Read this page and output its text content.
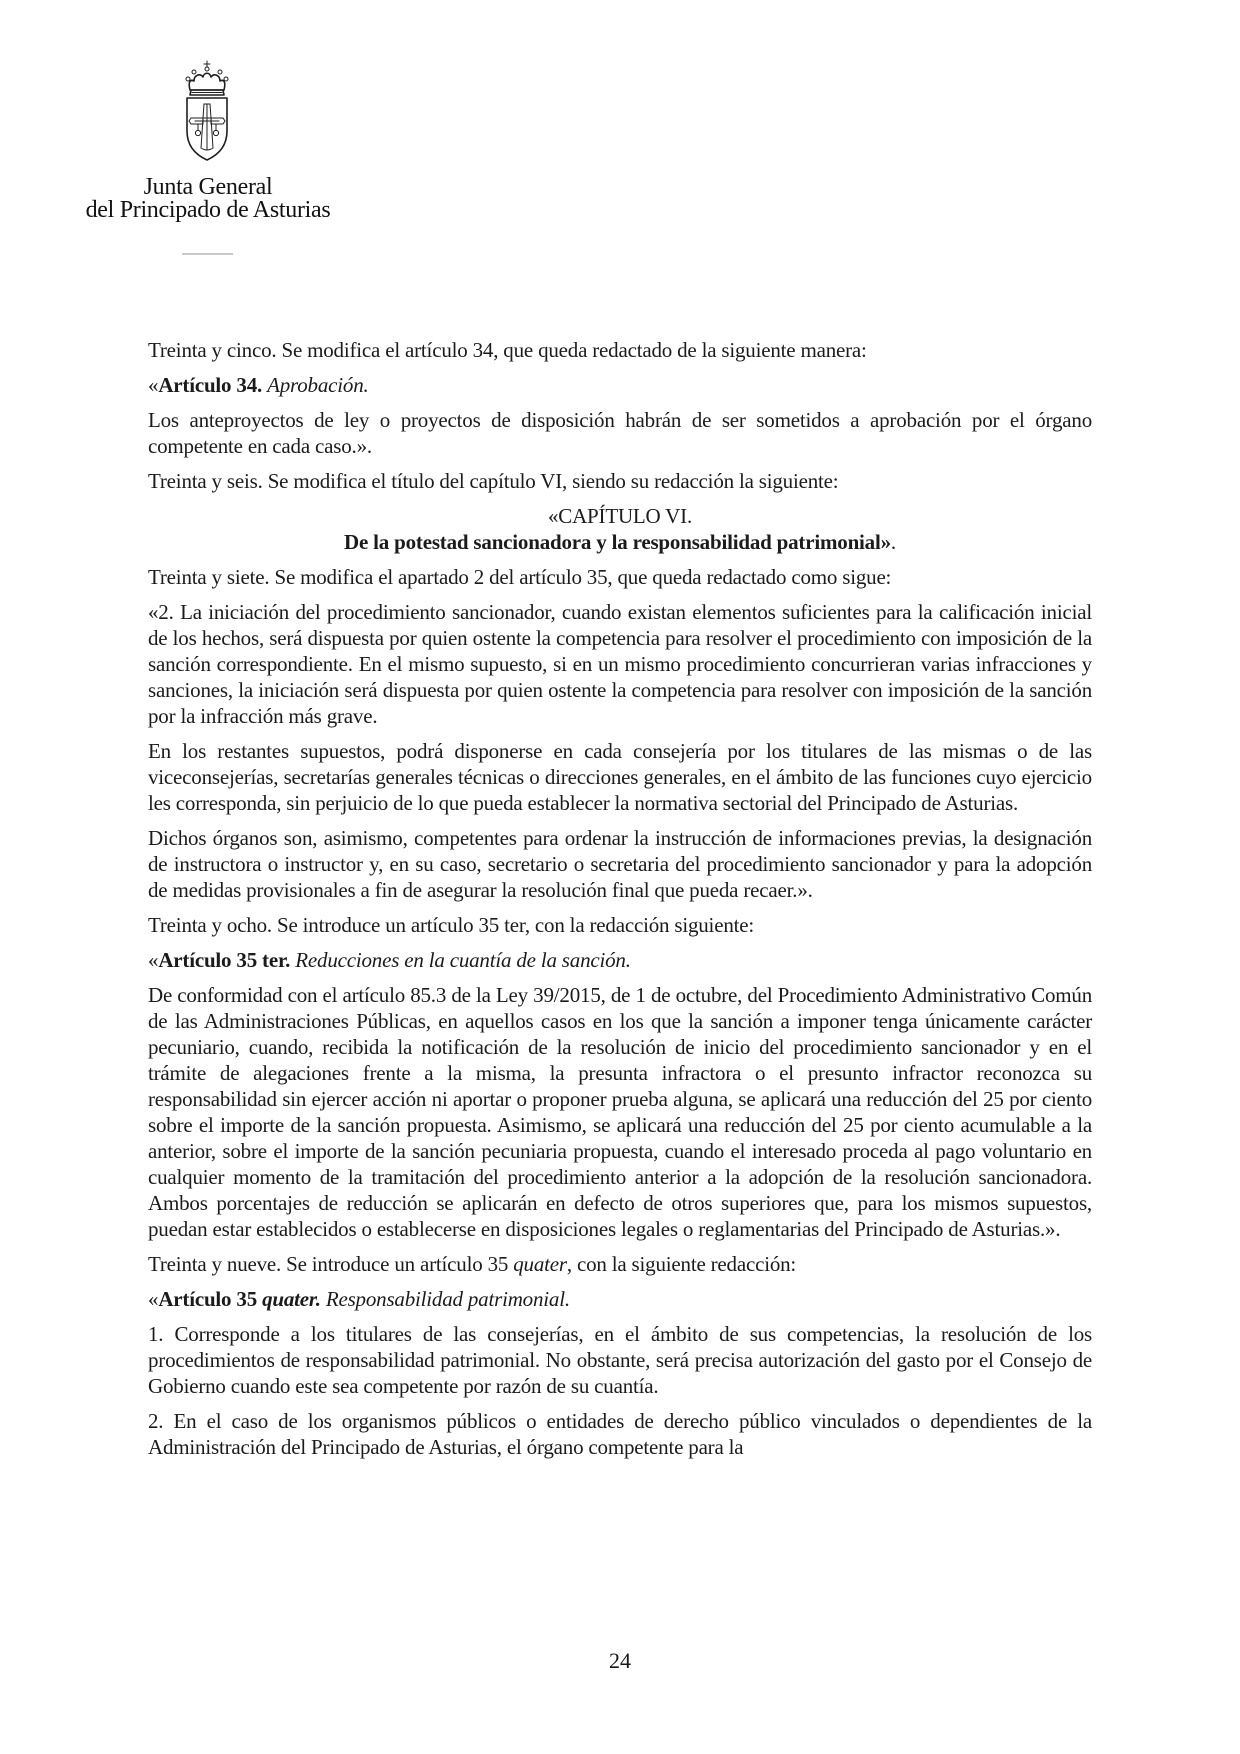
Junta General
del Principado de Asturias

Treinta y cinco. Se modifica el artículo 34, que queda redactado de la siguiente manera:

«Artículo 34. Aprobación.

Los anteproyectos de ley o proyectos de disposición habrán de ser sometidos a aprobación por el órgano competente en cada caso.».

Treinta y seis. Se modifica el título del capítulo VI, siendo su redacción la siguiente:

«CAPÍTULO VI.
De la potestad sancionadora y la responsabilidad patrimonial».

Treinta y siete. Se modifica el apartado 2 del artículo 35, que queda redactado como sigue:

«2. La iniciación del procedimiento sancionador, cuando existan elementos suficientes para la calificación inicial de los hechos, será dispuesta por quien ostente la competencia para resolver el procedimiento con imposición de la sanción correspondiente. En el mismo supuesto, si en un mismo procedimiento concurrieran varias infracciones y sanciones, la iniciación será dispuesta por quien ostente la competencia para resolver con imposición de la sanción por la infracción más grave.

En los restantes supuestos, podrá disponerse en cada consejería por los titulares de las mismas o de las viceconsejerías, secretarías generales técnicas o direcciones generales, en el ámbito de las funciones cuyo ejercicio les corresponda, sin perjuicio de lo que pueda establecer la normativa sectorial del Principado de Asturias.

Dichos órganos son, asimismo, competentes para ordenar la instrucción de informaciones previas, la designación de instructora o instructor y, en su caso, secretario o secretaria del procedimiento sancionador y para la adopción de medidas provisionales a fin de asegurar la resolución final que pueda recaer.».

Treinta y ocho. Se introduce un artículo 35 ter, con la redacción siguiente:

«Artículo 35 ter. Reducciones en la cuantía de la sanción.

De conformidad con el artículo 85.3 de la Ley 39/2015, de 1 de octubre, del Procedimiento Administrativo Común de las Administraciones Públicas, en aquellos casos en los que la sanción a imponer tenga únicamente carácter pecuniario, cuando, recibida la notificación de la resolución de inicio del procedimiento sancionador y en el trámite de alegaciones frente a la misma, la presunta infractora o el presunto infractor reconozca su responsabilidad sin ejercer acción ni aportar o proponer prueba alguna, se aplicará una reducción del 25 por ciento sobre el importe de la sanción propuesta. Asimismo, se aplicará una reducción del 25 por ciento acumulable a la anterior, sobre el importe de la sanción pecuniaria propuesta, cuando el interesado proceda al pago voluntario en cualquier momento de la tramitación del procedimiento anterior a la adopción de la resolución sancionadora. Ambos porcentajes de reducción se aplicarán en defecto de otros superiores que, para los mismos supuestos, puedan estar establecidos o establecerse en disposiciones legales o reglamentarias del Principado de Asturias.».

Treinta y nueve. Se introduce un artículo 35 quater, con la siguiente redacción:

«Artículo 35 quater. Responsabilidad patrimonial.

1. Corresponde a los titulares de las consejerías, en el ámbito de sus competencias, la resolución de los procedimientos de responsabilidad patrimonial. No obstante, será precisa autorización del gasto por el Consejo de Gobierno cuando este sea competente por razón de su cuantía.

2. En el caso de los organismos públicos o entidades de derecho público vinculados o dependientes de la Administración del Principado de Asturias, el órgano competente para la

24
